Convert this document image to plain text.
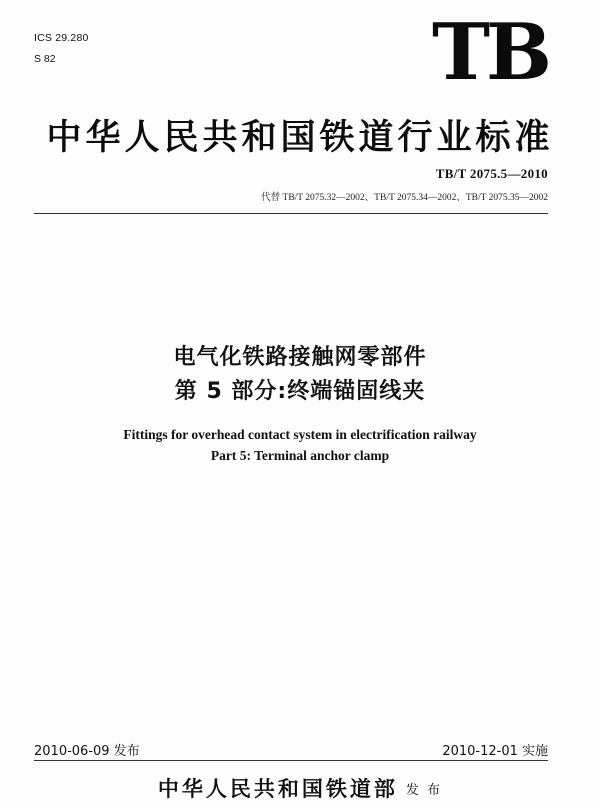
ICS 29.280
S 82	TB
中华人民共和国铁道行业标准
TB/T 2075.5—2010
代替 TB/T 2075.32—2002、TB/T 2075.34—2002、TB/T 2075.35—2002
电气化铁路接触网零部件
第 5 部分:终端锚固线夹
Fittings for overhead contact system in electrification railway
Part 5: Terminal anchor clamp
2010-06-09 发布	2010-12-01 实施
中华人民共和国铁道部 发 布
